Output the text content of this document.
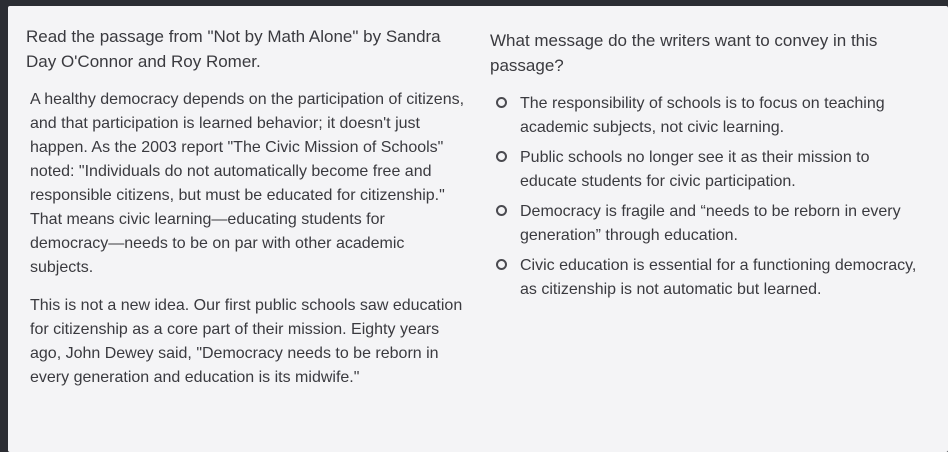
Read the passage from "Not by Math Alone" by Sandra Day O'Connor and Roy Romer.

A healthy democracy depends on the participation of citizens, and that participation is learned behavior; it doesn't just happen. As the 2003 report "The Civic Mission of Schools" noted: "Individuals do not automatically become free and responsible citizens, but must be educated for citizenship." That means civic learning—educating students for democracy—needs to be on par with other academic subjects.

This is not a new idea. Our first public schools saw education for citizenship as a core part of their mission. Eighty years ago, John Dewey said, "Democracy needs to be reborn in every generation and education is its midwife."

What message do the writers want to convey in this passage?

The responsibility of schools is to focus on teaching academic subjects, not civic learning.
Public schools no longer see it as their mission to educate students for civic participation.
Democracy is fragile and “needs to be reborn in every generation” through education.
Civic education is essential for a functioning democracy, as citizenship is not automatic but learned.
